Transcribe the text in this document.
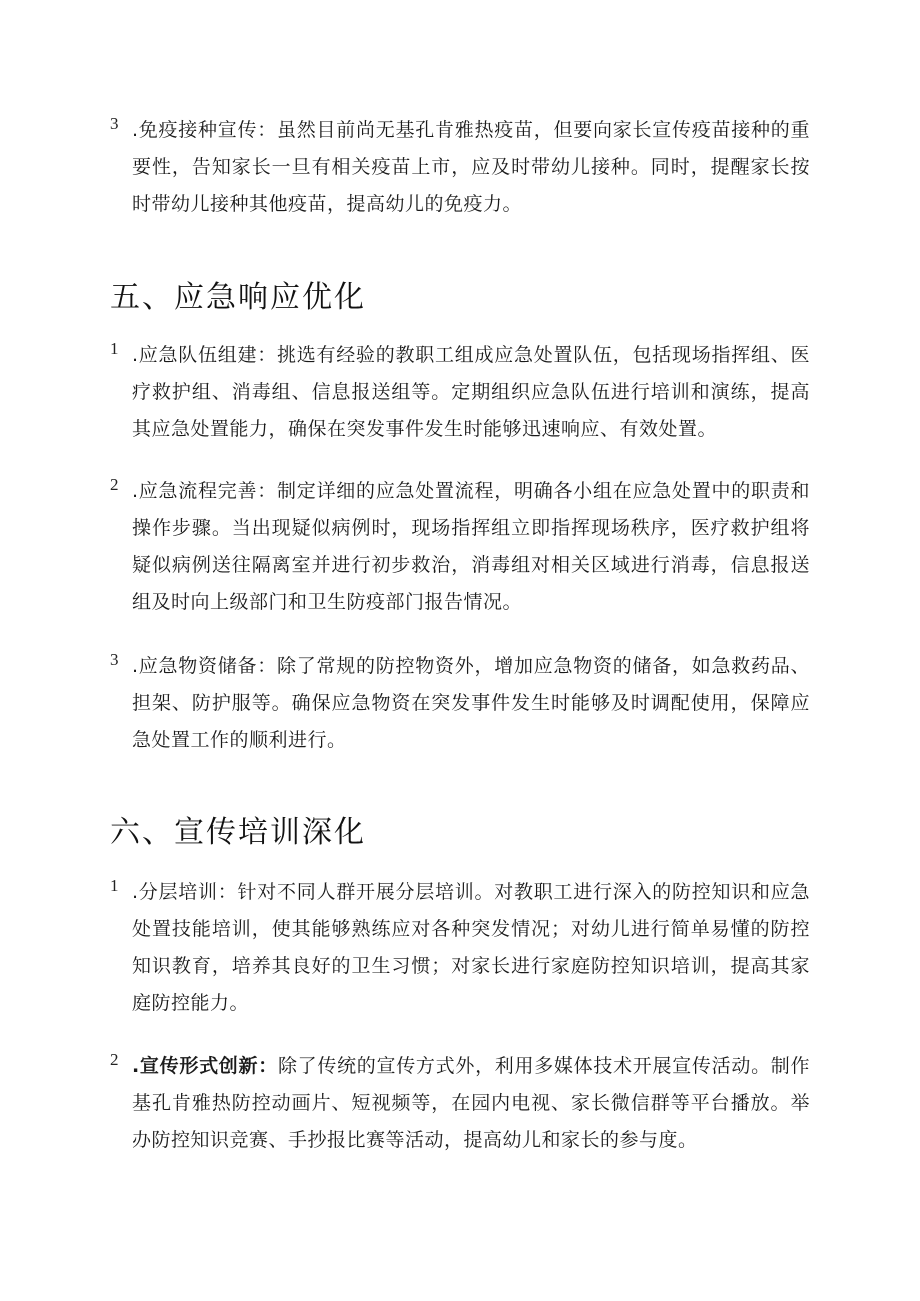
3 .免疫接种宣传：虽然目前尚无基孔肯雅热疫苗，但要向家长宣传疫苗接种的重要性，告知家长一旦有相关疫苗上市，应及时带幼儿接种。同时，提醒家长按时带幼儿接种其他疫苗，提高幼儿的免疫力。
五、应急响应优化
1 .应急队伍组建：挑选有经验的教职工组成应急处置队伍，包括现场指挥组、医疗救护组、消毒组、信息报送组等。定期组织应急队伍进行培训和演练，提高其应急处置能力，确保在突发事件发生时能够迅速响应、有效处置。
2 .应急流程完善：制定详细的应急处置流程，明确各小组在应急处置中的职责和操作步骤。当出现疑似病例时，现场指挥组立即指挥现场秩序，医疗救护组将疑似病例送往隔离室并进行初步救治，消毒组对相关区域进行消毒，信息报送组及时向上级部门和卫生防疫部门报告情况。
3 .应急物资储备：除了常规的防控物资外，增加应急物资的储备，如急救药品、担架、防护服等。确保应急物资在突发事件发生时能够及时调配使用，保障应急处置工作的顺利进行。
六、宣传培训深化
1 .分层培训：针对不同人群开展分层培训。对教职工进行深入的防控知识和应急处置技能培训，使其能够熟练应对各种突发情况；对幼儿进行简单易懂的防控知识教育，培养其良好的卫生习惯；对家长进行家庭防控知识培训，提高其家庭防控能力。
2 .宣传形式创新：除了传统的宣传方式外，利用多媒体技术开展宣传活动。制作基孔肯雅热防控动画片、短视频等，在园内电视、家长微信群等平台播放。举办防控知识竞赛、手抄报比赛等活动，提高幼儿和家长的参与度。
